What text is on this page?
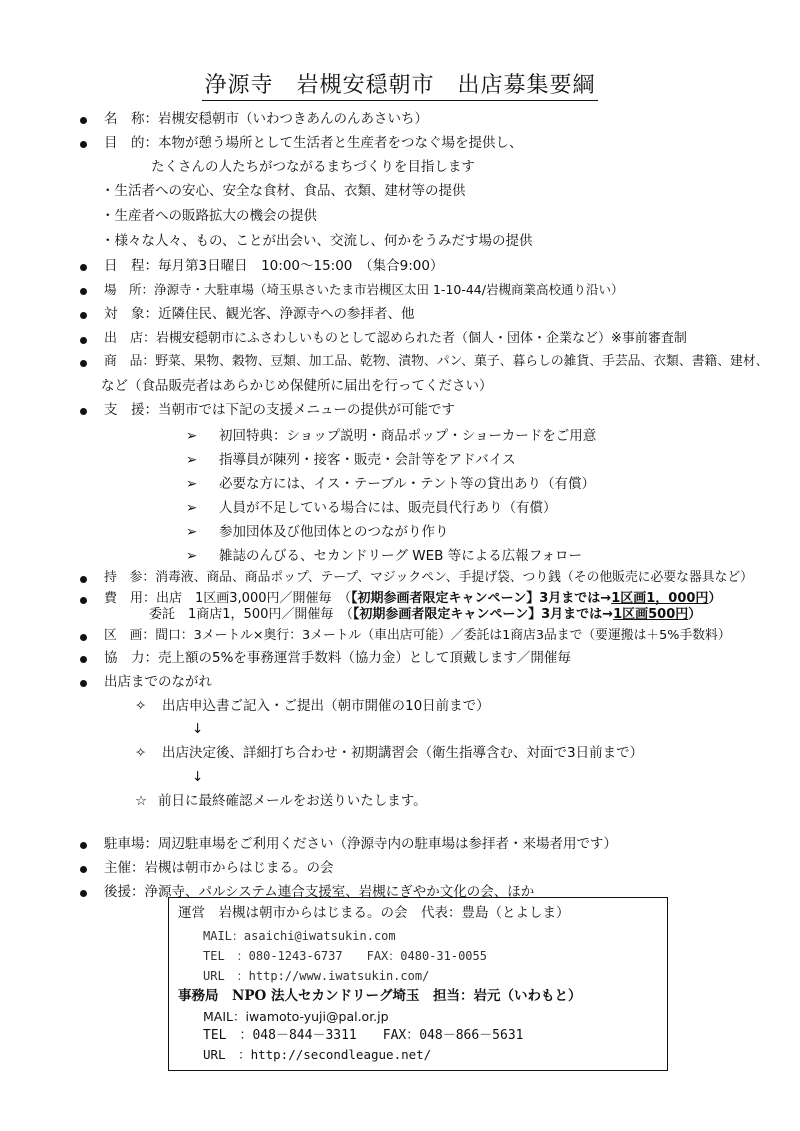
浄源寺　岩槻安穏朝市　出店募集要綱
名　称：岩槻安穏朝市（いわつきあんのんあさいち）
目　的：本物が憩う場所として生活者と生産者をつなぐ場を提供し、
たくさんの人たちがつながるまちづくりを目指します
・生活者への安心、安全な食材、食品、衣類、建材等の提供
・生産者への販路拡大の機会の提供
・様々な人々、もの、ことが出会い、交流し、何かをうみだす場の提供
日　程：毎月第3日曜日　10:00～15:00　（集合9:00）
場　所：浄源寺・大駐車場（埼玉県さいたま市岩槻区太田 1-10-44/岩槻商業高校通り沿い）
対　象：近隣住民、観光客、浄源寺への参拝者、他
出　店：岩槻安穏朝市にふさわしいものとして認められた者（個人・団体・企業など）※事前審査制
商　品：野菜、果物、穀物、豆類、加工品、乾物、漬物、パン、菓子、暮らしの雑貨、手芸品、衣類、書籍、建材、
など（食品販売者はあらかじめ保健所に届出を行ってください）
支　援：当朝市では下記の支援メニューの提供が可能です
➢ 初回特典：ショップ説明・商品ポップ・ショーカードをご用意
➢ 指導員が陳列・接客・販売・会計等をアドバイス
➢ 必要な方には、イス・テーブル・テント等の貸出あり（有償）
➢ 人員が不足している場合には、販売員代行あり（有償）
➢ 参加団体及び他団体とのつながり作り
➢ 雑誌のんびる、セカンドリーグ WEB 等による広報フォロー
持　参：消毒液、商品、商品ポップ、テープ、マジックペン、手提げ袋、つり銭（その他販売に必要な器具など）
費　用：出店　1区画3,000円／開催毎　（【初期参画者限定キャンペーン】3月までは→1区画1，000円）
委託　1商店1，500円／開催毎　（【初期参画者限定キャンペーン】3月までは→1区画500円）
区　画：間口：3メートル×奥行：3メートル（車出店可能）／委託は1商店3品まで（要運搬は＋5%手数料）
協　力：売上額の5%を事務運営手数料（協力金）として頂戴します／開催毎
出店までのながれ
✧ 出店申込書ご記入・ご提出（朝市開催の10日前まで）
↓
✧ 出店決定後、詳細打ち合わせ・初期講習会（衛生指導含む、対面で3日前まで）
↓
☆ 前日に最終確認メールをお送りいたします。
駐車場：周辺駐車場をご利用ください（浄源寺内の駐車場は参拝者・来場者用です）
主催：岩槻は朝市からはじまる。の会
後援：浄源寺、パルシステム連合支援室、岩槻にぎやか文化の会、ほか
運営　岩槻は朝市からはじまる。の会　代表：豊島（とよしま）
MAIL：asaichi@iwatsukin.com
TEL　：080-1243-6737　　FAX：0480-31-0055
URL　：http://www.iwatsukin.com/
事務局　NPO 法人セカンドリーグ埼玉　担当：岩元（いわもと）
MAIL：iwamoto-yuji@pal.or.jp
TEL　：048－844－3311　　FAX：048－866－5631
URL　：http://secondleague.net/
